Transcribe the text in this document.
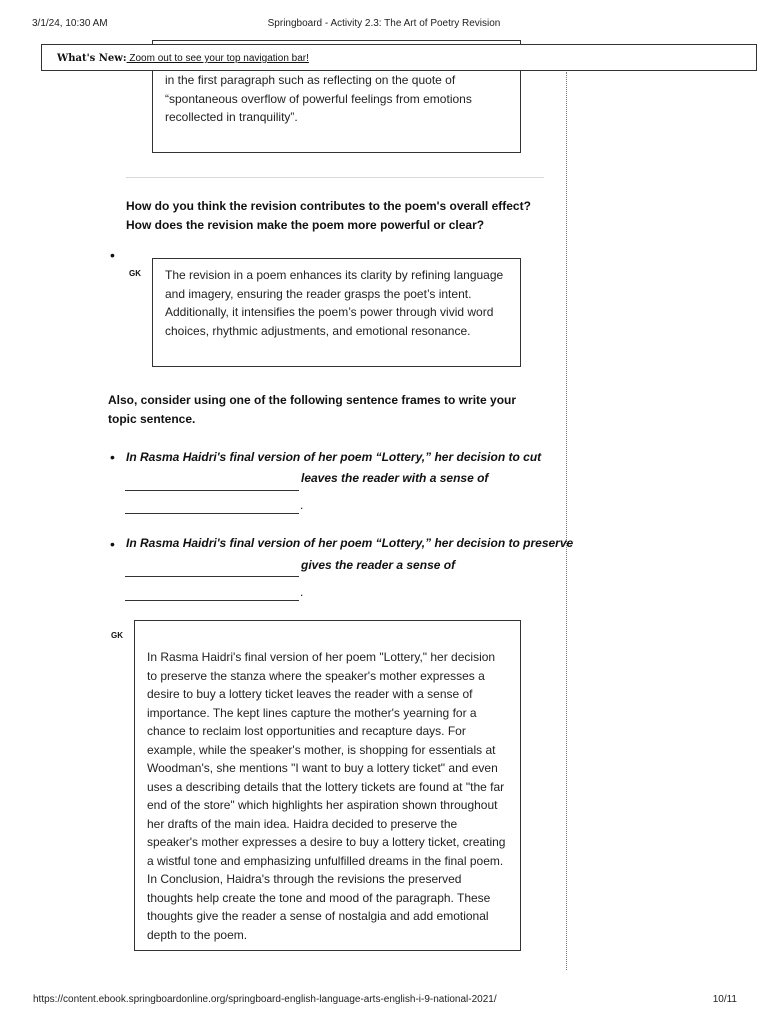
3/1/24, 10:30 AM	Springboard - Activity 2.3: The Art of Poetry Revision
What's New: Zoom out to see your top navigation bar!
in the first paragraph such as reflecting on the quote of
“spontaneous overflow of powerful feelings from emotions
recollected in tranquility”.
How do you think the revision contributes to the poem's overall effect? How does the revision make the poem more powerful or clear?
•
GK	The revision in a poem enhances its clarity by refining language and imagery, ensuring the reader grasps the poet’s intent. Additionally, it intensifies the poem’s power through vivid word choices, rhythmic adjustments, and emotional resonance.
Also, consider using one of the following sentence frames to write your topic sentence.
• In Rasma Haidri's final version of her poem “Lottery,” her decision to cut
leaves the reader with a sense of
.
• In Rasma Haidri's final version of her poem “Lottery,” her decision to preserve
gives the reader a sense of
.
GK
In Rasma Haidri's final version of her poem "Lottery," her decision to preserve the stanza where the speaker's mother expresses a desire to buy a lottery ticket leaves the reader with a sense of importance. The kept lines capture the mother's yearning for a chance to reclaim lost opportunities and recapture days. For example, while the speaker's mother, is shopping for essentials at Woodman's, she mentions "I want to buy a lottery ticket" and even uses a describing details that the lottery tickets are found at "the far end of the store" which highlights her aspiration shown throughout her drafts of the main idea. Haidra decided to preserve the speaker's mother expresses a desire to buy a lottery ticket, creating a wistful tone and emphasizing unfulfilled dreams in the final poem. In Conclusion, Haidra's through the revisions the preserved thoughts help create the tone and mood of the paragraph. These thoughts give the reader a sense of nostalgia and add emotional depth to the poem.
https://content.ebook.springboardonline.org/springboard-english-language-arts-english-i-9-national-2021/	10/11
